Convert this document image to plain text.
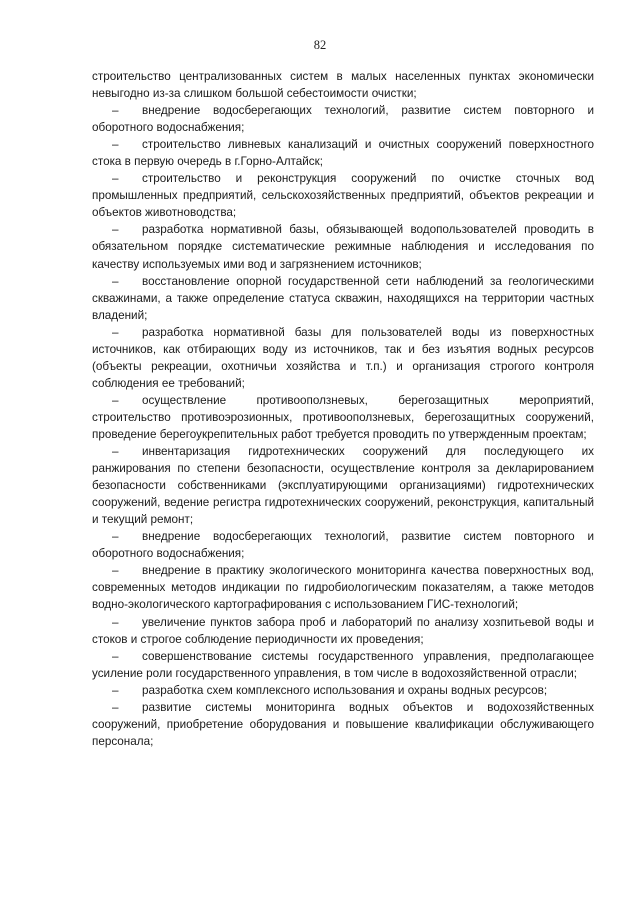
82

строительство централизованных систем в малых населенных пунктах экономически невыгодно из-за слишком большой себестоимости очистки;

– внедрение водосберегающих технологий, развитие систем повторного и оборотного водоснабжения;

– строительство ливневых канализаций и очистных сооружений поверхностного стока в первую очередь в г.Горно-Алтайск;

– строительство и реконструкция сооружений по очистке сточных вод промышленных предприятий, сельскохозяйственных предприятий, объектов рекреации и объектов животноводства;

– разработка нормативной базы, обязывающей водопользователей проводить в обязательном порядке систематические режимные наблюдения и исследования по качеству используемых ими вод и загрязнением источников;

– восстановление опорной государственной сети наблюдений за геологическими скважинами, а также определение статуса скважин, находящихся на территории частных владений;

– разработка нормативной базы для пользователей воды из поверхностных источников, как отбирающих воду из источников, так и без изъятия водных ресурсов (объекты рекреации, охотничьи хозяйства и т.п.) и организация строгого контроля соблюдения ее требований;

– осуществление противооползневых, берегозащитных мероприятий, строительство противоэрозионных, противооползневых, берегозащитных сооружений, проведение берегоукрепительных работ требуется проводить по утвержденным проектам;

– инвентаризация гидротехнических сооружений для последующего их ранжирования по степени безопасности, осуществление контроля за декларированием безопасности собственниками (эксплуатирующими организациями) гидротехнических сооружений, ведение регистра гидротехнических сооружений, реконструкция, капитальный и текущий ремонт;

– внедрение водосберегающих технологий, развитие систем повторного и оборотного водоснабжения;

– внедрение в практику экологического мониторинга качества поверхностных вод, современных методов индикации по гидробиологическим показателям, а также методов водно-экологического картографирования с использованием ГИС-технологий;

– увеличение пунктов забора проб и лабораторий по анализу хозпитьевой воды и стоков и строгое соблюдение периодичности их проведения;

– совершенствование системы государственного управления, предполагающее усиление роли государственного управления, в том числе в водохозяйственной отрасли;

– разработка схем комплексного использования и охраны водных ресурсов;

– развитие системы мониторинга водных объектов и водохозяйственных сооружений, приобретение оборудования и повышение квалификации обслуживающего персонала;
